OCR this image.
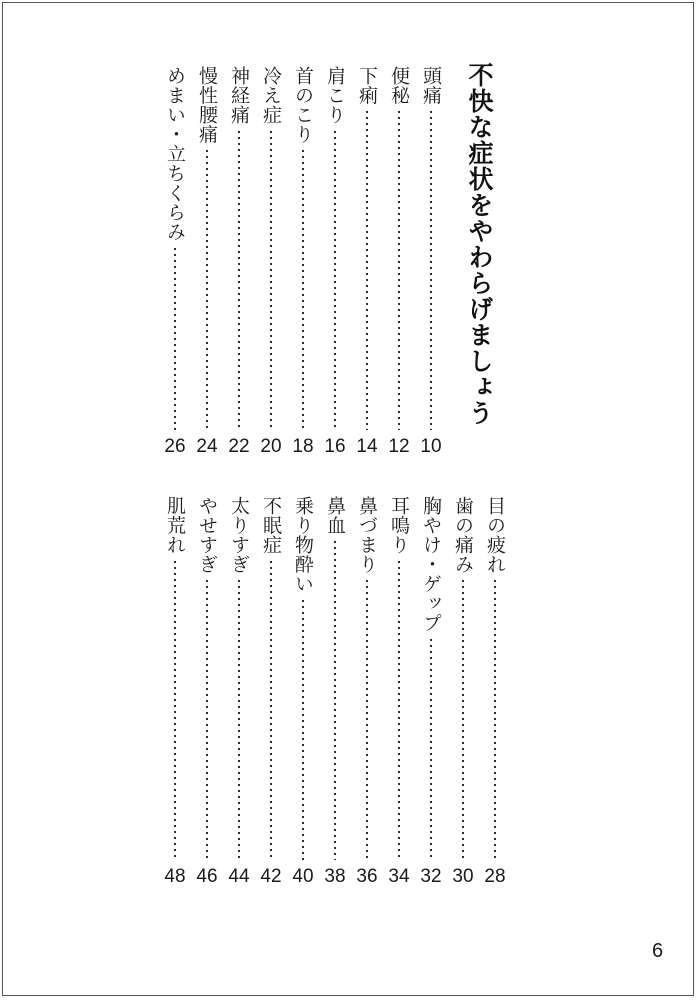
不快な症状をやわらげましょう
頭痛
10
便秘
12
下痢
14
肩こり
16
首のこり
18
冷え症
20
神経痛
22
慢性腰痛
24
めまい・立ちくらみ
26
目の疲れ
28
歯の痛み
30
胸やけ・ゲップ
32
耳鳴り
34
鼻づまり
36
鼻血
38
乗り物酔い
40
不眠症
42
太りすぎ
44
やせすぎ
46
肌荒れ
48
6
